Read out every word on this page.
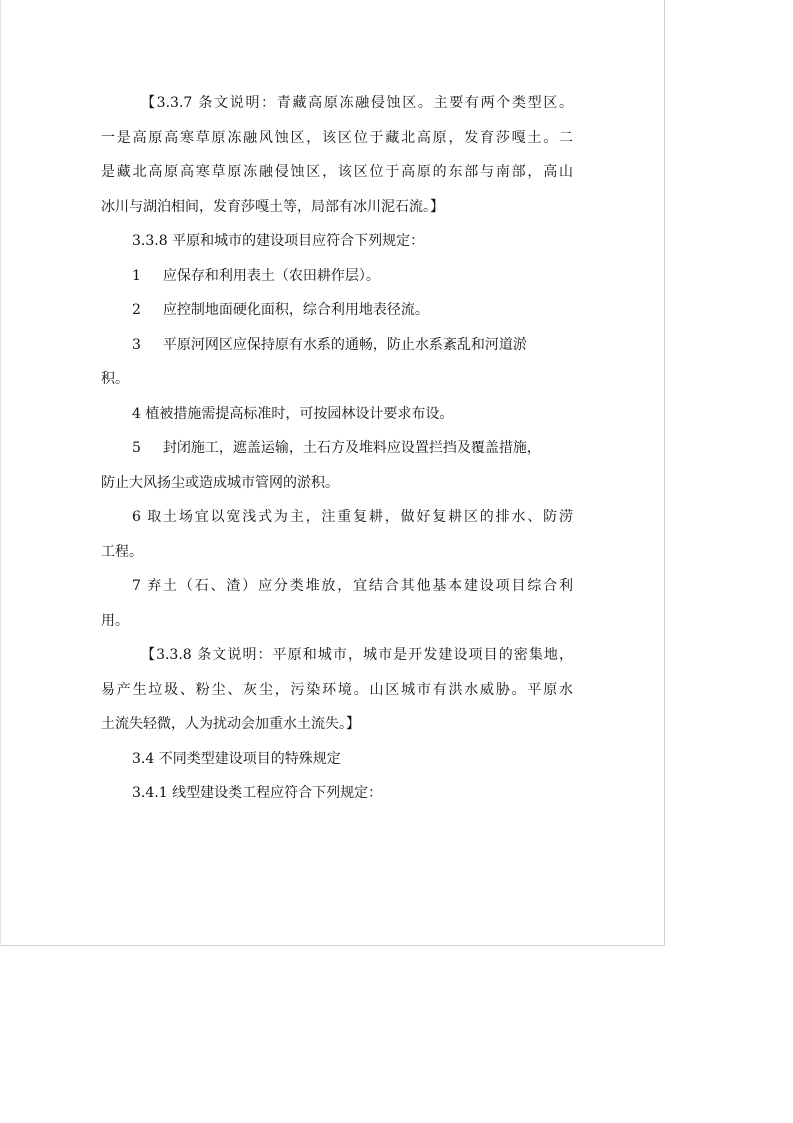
【3.3.7 条文说明：青藏高原冻融侵蚀区。主要有两个类型区。
一是高原高寒草原冻融风蚀区，该区位于藏北高原，发育莎嘎土。二
是藏北高原高寒草原冻融侵蚀区，该区位于高原的东部与南部，高山
冰川与湖泊相间，发育莎嘎土等，局部有冰川泥石流。】
3.3.8 平原和城市的建设项目应符合下列规定：
1 应保存和利用表土（农田耕作层）。
2 应控制地面硬化面积，综合利用地表径流。
3 平原河网区应保持原有水系的通畅，防止水系紊乱和河道淤
积。
4 植被措施需提高标准时，可按园林设计要求布设。
5 封闭施工，遮盖运输，土石方及堆料应设置拦挡及覆盖措施，
防止大风扬尘或造成城市管网的淤积。
6 取土场宜以宽浅式为主，注重复耕，做好复耕区的排水、防涝
工程。
7 弃土（石、渣）应分类堆放，宜结合其他基本建设项目综合利
用。
【3.3.8 条文说明：平原和城市，城市是开发建设项目的密集地，
易产生垃圾、粉尘、灰尘，污染环境。山区城市有洪水威胁。平原水
土流失轻微，人为扰动会加重水土流失。】
3.4 不同类型建设项目的特殊规定
3.4.1 线型建设类工程应符合下列规定：
